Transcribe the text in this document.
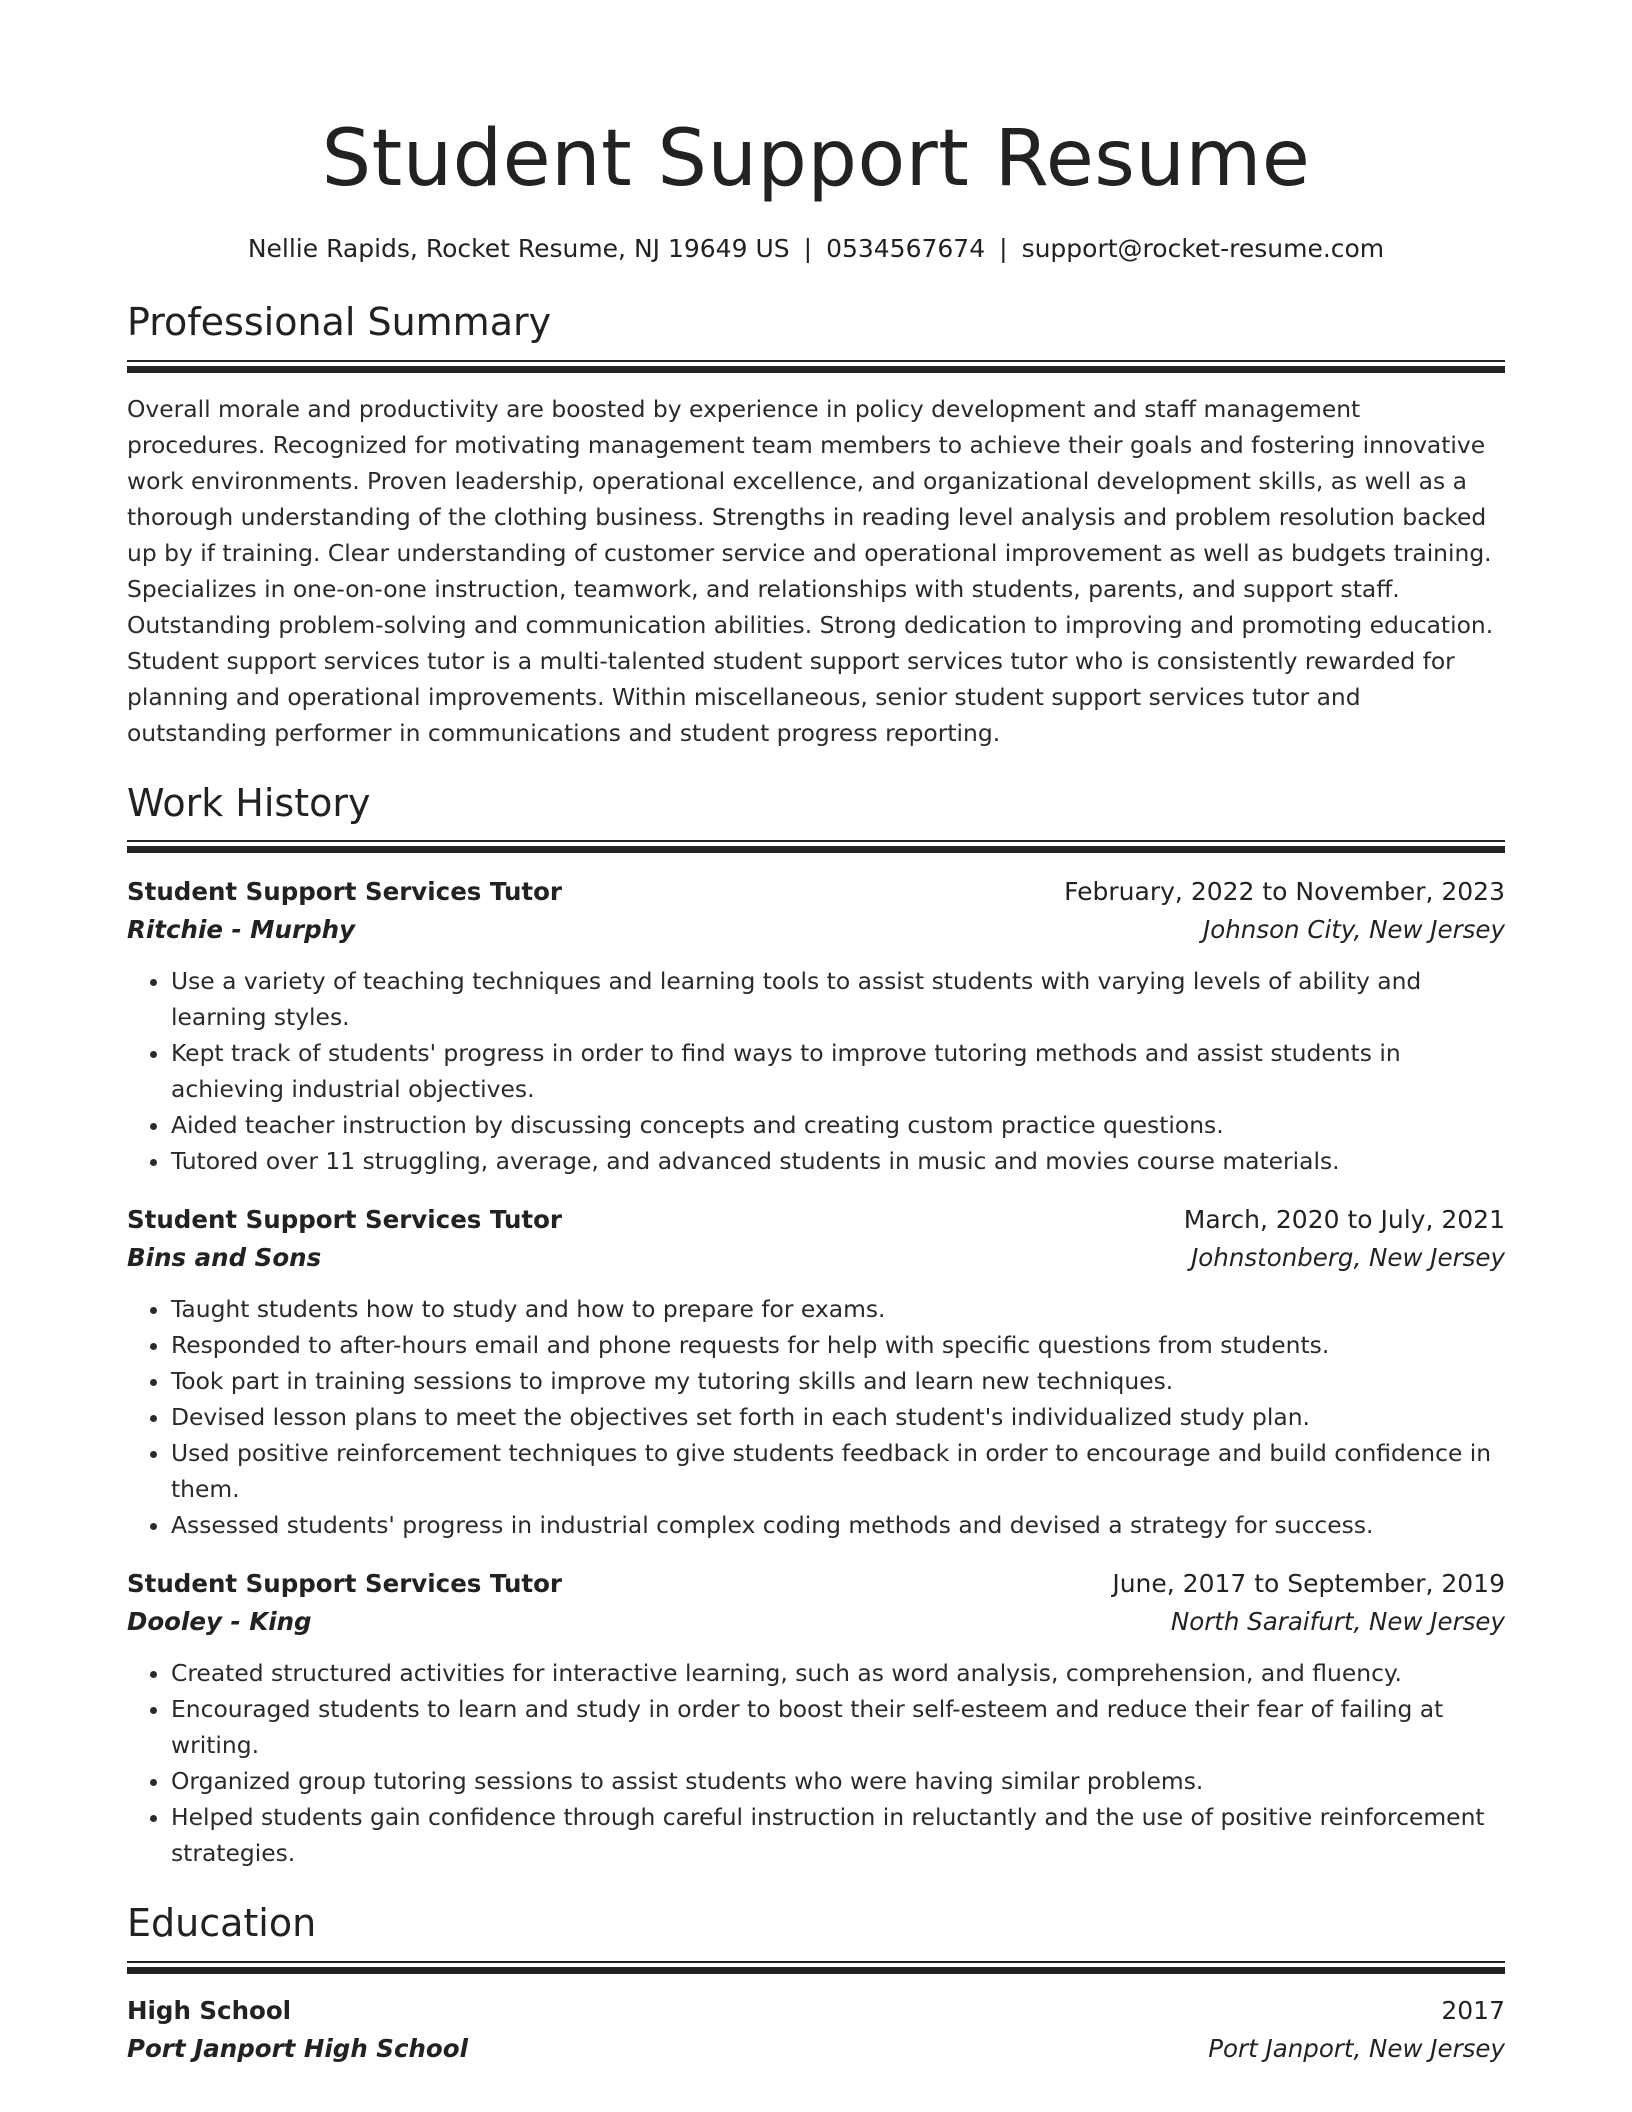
Student Support Resume
Nellie Rapids, Rocket Resume, NJ 19649 US | 0534567674 | support@rocket-resume.com
Professional Summary

Overall morale and productivity are boosted by experience in policy development and staff management procedures. Recognized for motivating management team members to achieve their goals and fostering innovative work environments. Proven leadership, operational excellence, and organizational development skills, as well as a thorough understanding of the clothing business. Strengths in reading level analysis and problem resolution backed up by if training. Clear understanding of customer service and operational improvement as well as budgets training. Specializes in one-on-one instruction, teamwork, and relationships with students, parents, and support staff. Outstanding problem-solving and communication abilities. Strong dedication to improving and promoting education. Student support services tutor is a multi-talented student support services tutor who is consistently rewarded for planning and operational improvements. Within miscellaneous, senior student support services tutor and outstanding performer in communications and student progress reporting.

Work History
Student Support Services Tutor	February, 2022 to November, 2023
Ritchie - Murphy	Johnson City, New Jersey
• Use a variety of teaching techniques and learning tools to assist students with varying levels of ability and learning styles.
• Kept track of students' progress in order to find ways to improve tutoring methods and assist students in achieving industrial objectives.
• Aided teacher instruction by discussing concepts and creating custom practice questions.
• Tutored over 11 struggling, average, and advanced students in music and movies course materials.
Student Support Services Tutor	March, 2020 to July, 2021
Bins and Sons	Johnstonberg, New Jersey
• Taught students how to study and how to prepare for exams.
• Responded to after-hours email and phone requests for help with specific questions from students.
• Took part in training sessions to improve my tutoring skills and learn new techniques.
• Devised lesson plans to meet the objectives set forth in each student's individualized study plan.
• Used positive reinforcement techniques to give students feedback in order to encourage and build confidence in them.
• Assessed students' progress in industrial complex coding methods and devised a strategy for success.
Student Support Services Tutor	June, 2017 to September, 2019
Dooley - King	North Saraifurt, New Jersey
• Created structured activities for interactive learning, such as word analysis, comprehension, and fluency.
• Encouraged students to learn and study in order to boost their self-esteem and reduce their fear of failing at writing.
• Organized group tutoring sessions to assist students who were having similar problems.
• Helped students gain confidence through careful instruction in reluctantly and the use of positive reinforcement strategies.
Education
High School	2017
Port Janport High School	Port Janport, New Jersey
